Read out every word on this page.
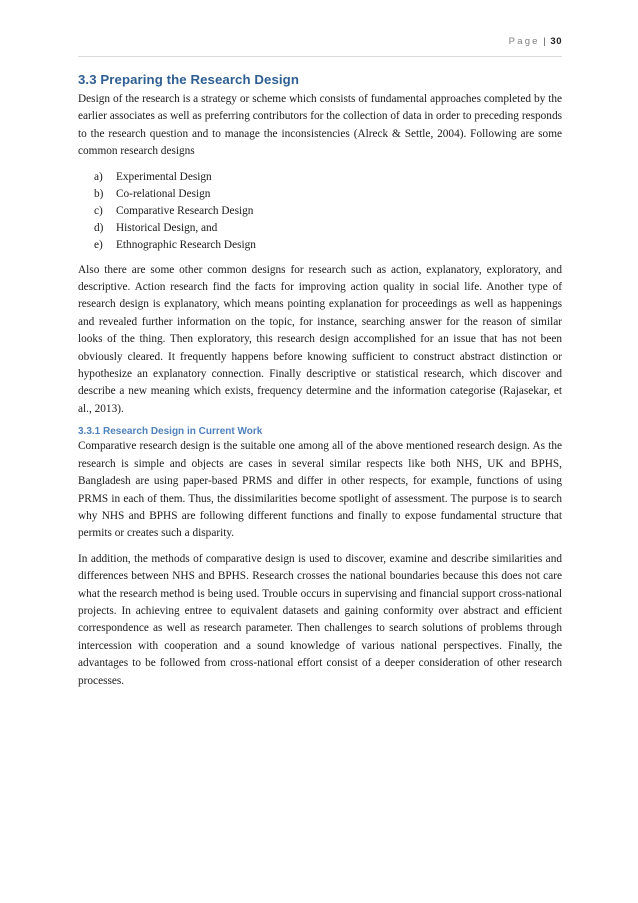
Page | 30
3.3 Preparing the Research Design

Design of the research is a strategy or scheme which consists of fundamental approaches completed by the earlier associates as well as preferring contributors for the collection of data in order to preceding responds to the research question and to manage the inconsistencies (Alreck & Settle, 2004). Following are some common research designs

a)	Experimental Design
b)	Co-relational Design
c)	Comparative Research Design
d)	Historical Design, and
e)	Ethnographic Research Design

Also there are some other common designs for research such as action, explanatory, exploratory, and descriptive. Action research find the facts for improving action quality in social life. Another type of research design is explanatory, which means pointing explanation for proceedings as well as happenings and revealed further information on the topic, for instance, searching answer for the reason of similar looks of the thing. Then exploratory, this research design accomplished for an issue that has not been obviously cleared. It frequently happens before knowing sufficient to construct abstract distinction or hypothesize an explanatory connection. Finally descriptive or statistical research, which discover and describe a new meaning which exists, frequency determine and the information categorise (Rajasekar, et al., 2013).

3.3.1 Research Design in Current Work

Comparative research design is the suitable one among all of the above mentioned research design. As the research is simple and objects are cases in several similar respects like both NHS, UK and BPHS, Bangladesh are using paper-based PRMS and differ in other respects, for example, functions of using PRMS in each of them. Thus, the dissimilarities become spotlight of assessment. The purpose is to search why NHS and BPHS are following different functions and finally to expose fundamental structure that permits or creates such a disparity.

In addition, the methods of comparative design is used to discover, examine and describe similarities and differences between NHS and BPHS. Research crosses the national boundaries because this does not care what the research method is being used. Trouble occurs in supervising and financial support cross-national projects. In achieving entree to equivalent datasets and gaining conformity over abstract and efficient correspondence as well as research parameter. Then challenges to search solutions of problems through intercession with cooperation and a sound knowledge of various national perspectives. Finally, the advantages to be followed from cross-national effort consist of a deeper consideration of other research processes.
